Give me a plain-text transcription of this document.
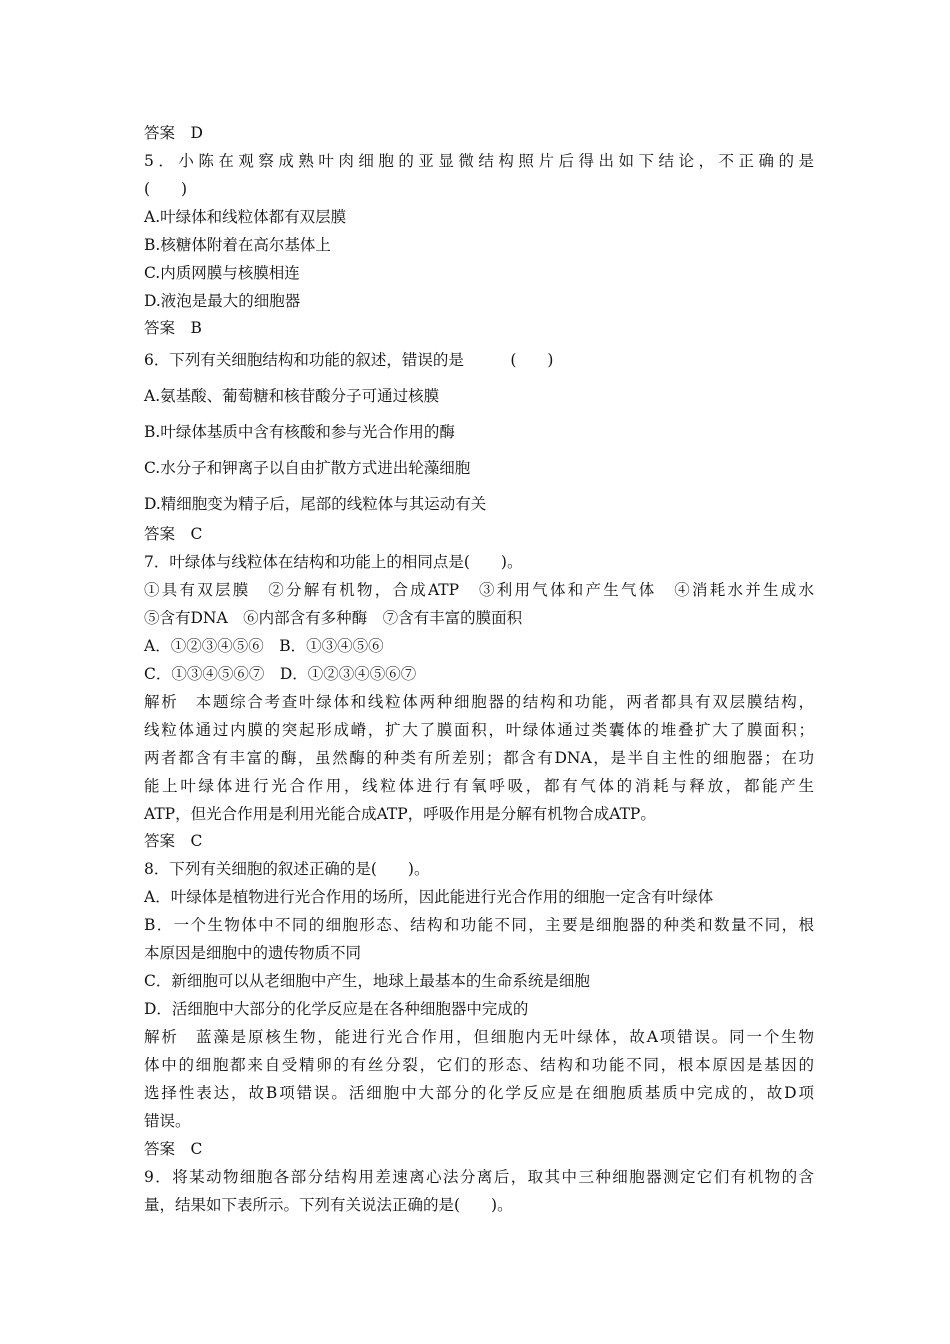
答案　D
5．小陈在观察成熟叶肉细胞的亚显微结构照片后得出如下结论，不正确的是
(　　)
A.叶绿体和线粒体都有双层膜
B.核糖体附着在高尔基体上
C.内质网膜与核膜相连
D.液泡是最大的细胞器
答案　B
6．下列有关细胞结构和功能的叙述，错误的是　　　(　　)
A.氨基酸、葡萄糖和核苷酸分子可通过核膜
B.叶绿体基质中含有核酸和参与光合作用的酶
C.水分子和钾离子以自由扩散方式进出轮藻细胞
D.精细胞变为精子后，尾部的线粒体与其运动有关
答案　C
7．叶绿体与线粒体在结构和功能上的相同点是(　　)。
①具有双层膜　②分解有机物，合成ATP　③利用气体和产生气体　④消耗水并生成水
⑤含有DNA　⑥内部含有多种酶　⑦含有丰富的膜面积
A．①②③④⑤⑥　B．①③④⑤⑥
C．①③④⑤⑥⑦　D．①②③④⑤⑥⑦
解析　本题综合考查叶绿体和线粒体两种细胞器的结构和功能，两者都具有双层膜结构，
线粒体通过内膜的突起形成嵴，扩大了膜面积，叶绿体通过类囊体的堆叠扩大了膜面积；
两者都含有丰富的酶，虽然酶的种类有所差别；都含有DNA，是半自主性的细胞器；在功
能上叶绿体进行光合作用，线粒体进行有氧呼吸，都有气体的消耗与释放，都能产生
ATP，但光合作用是利用光能合成ATP，呼吸作用是分解有机物合成ATP。
答案　C
8．下列有关细胞的叙述正确的是(　　)。
A．叶绿体是植物进行光合作用的场所，因此能进行光合作用的细胞一定含有叶绿体
B．一个生物体中不同的细胞形态、结构和功能不同，主要是细胞器的种类和数量不同，根
本原因是细胞中的遗传物质不同
C．新细胞可以从老细胞中产生，地球上最基本的生命系统是细胞
D．活细胞中大部分的化学反应是在各种细胞器中完成的
解析　蓝藻是原核生物，能进行光合作用，但细胞内无叶绿体，故A项错误。同一个生物
体中的细胞都来自受精卵的有丝分裂，它们的形态、结构和功能不同，根本原因是基因的
选择性表达，故B项错误。活细胞中大部分的化学反应是在细胞质基质中完成的，故D项
错误。
答案　C
9．将某动物细胞各部分结构用差速离心法分离后，取其中三种细胞器测定它们有机物的含
量，结果如下表所示。下列有关说法正确的是(　　)。
